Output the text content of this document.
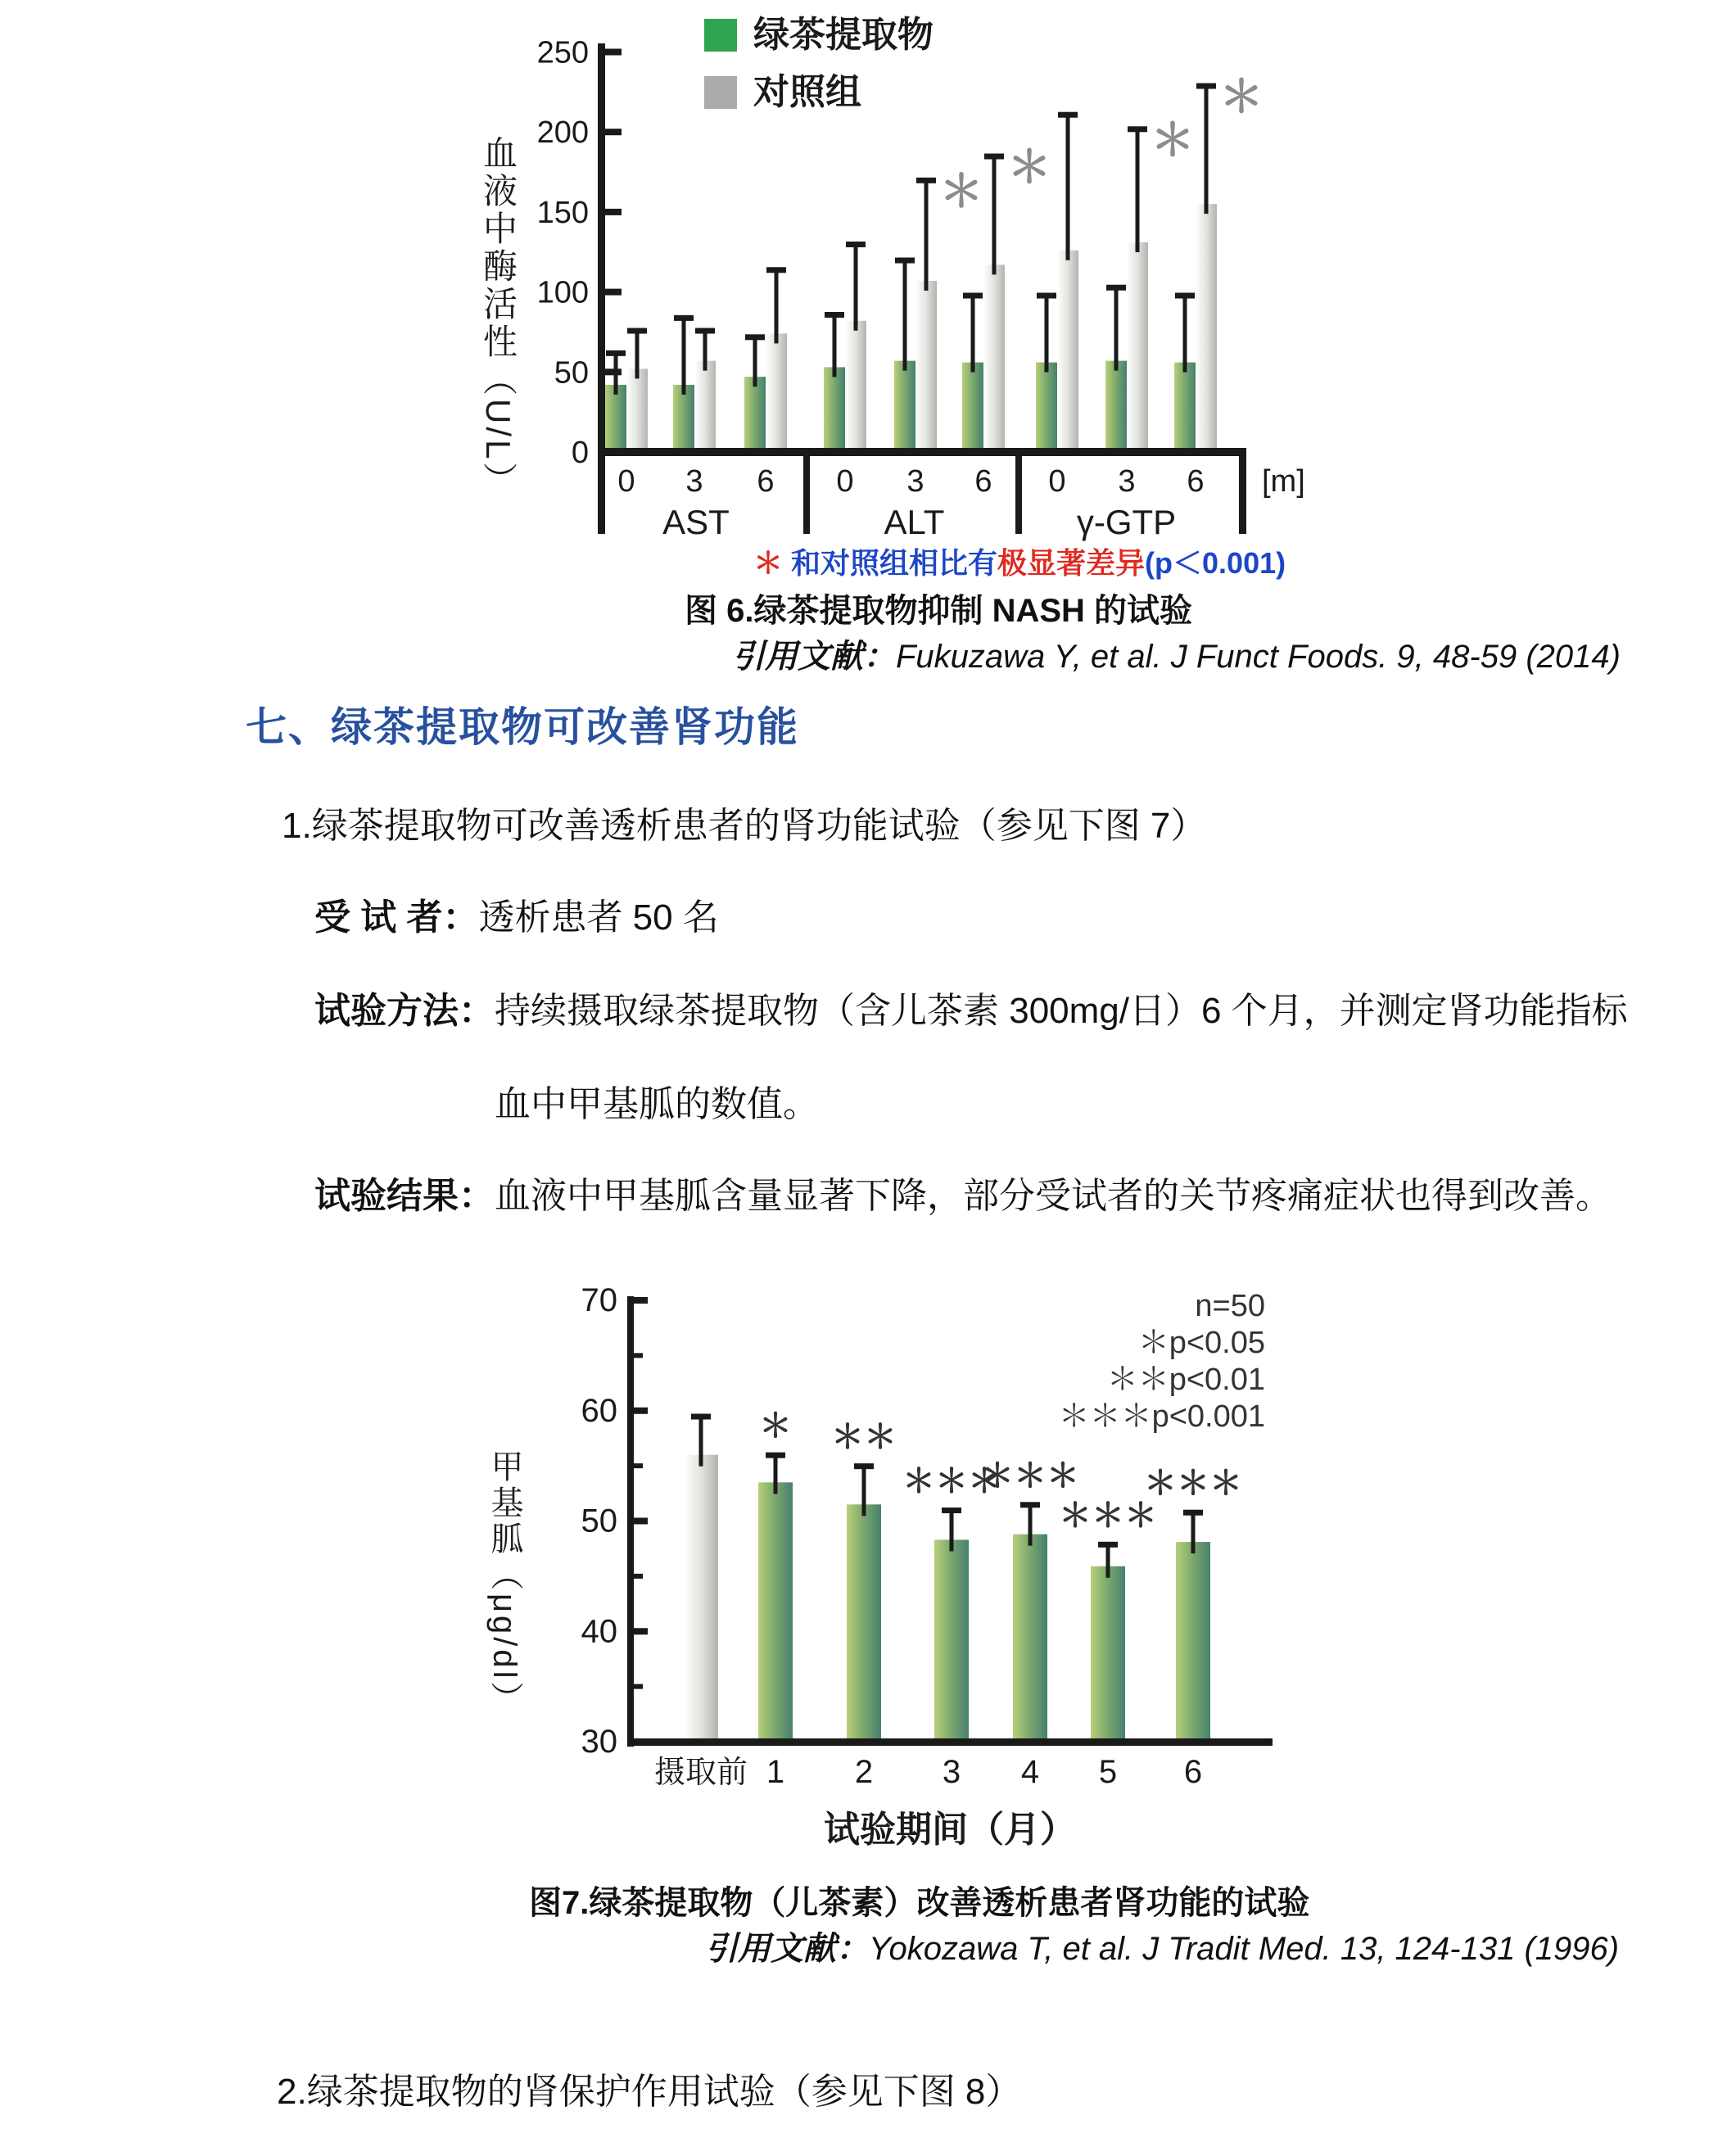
0 3 6
AST
0
＊
3
＊
6
ALT
0
＊
3
＊
6
γ-GTP
0
50
100
150
200
250
[m]
绿茶提取物
对照组
血液中酶活性（U/L）
＊ 和对照组相比有极显著差异(p＜0.001)
图 6.绿茶提取物抑制 NASH 的试验
引用文献：Fukuzawa Y, et al. J Funct Foods. 9, 48-59 (2014)
七、绿茶提取物可改善肾功能
1.绿茶提取物可改善透析患者的肾功能试验（参见下图 7）
受 试 者：透析患者 50 名
试验方法：持续摄取绿茶提取物（含儿茶素 300mg/日）6 个月，并测定肾功能指标
血中甲基胍的数值。
试验结果：血液中甲基胍含量显著下降，部分受试者的关节疼痛症状也得到改善。
摄取前
＊
1
＊＊
2
＊＊＊
3
＊＊＊
4
＊＊＊
5
＊＊＊
6
30
40
50
60
70	n=50
＊p<0.05
＊＊p<0.01
＊＊＊p<0.001
试验期间（月）
甲基胍（μg/dl）
图7.绿茶提取物（儿茶素）改善透析患者肾功能的试验
引用文献：Yokozawa T, et al. J Tradit Med. 13, 124-131 (1996)
2.绿茶提取物的肾保护作用试验（参见下图 8）
